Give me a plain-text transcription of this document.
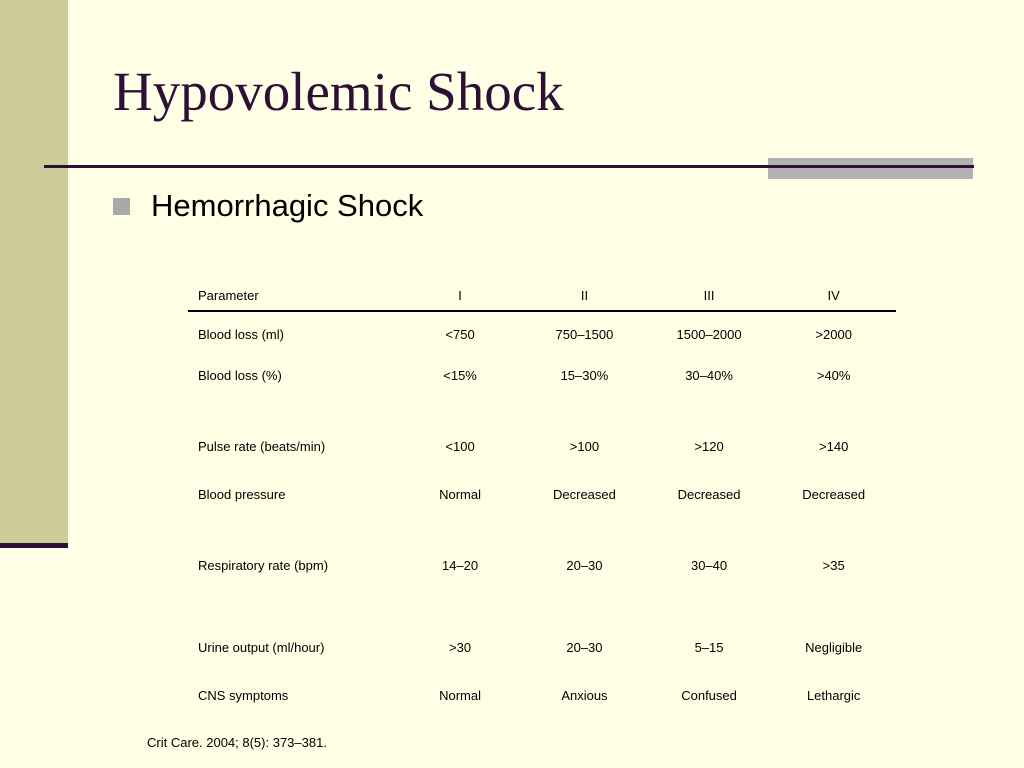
Hypovolemic Shock
Hemorrhagic Shock
Parameter	I	II	III	IV
Blood loss (ml)	<750	750–1500	1500–2000	>2000
Blood loss (%)	<15%	15–30%	30–40%	>40%
Pulse rate (beats/min)	<100	>100	>120	>140
Blood pressure	Normal	Decreased	Decreased	Decreased
Respiratory rate (bpm)	14–20	20–30	30–40	>35
Urine output (ml/hour)	>30	20–30	5–15	Negligible
CNS symptoms	Normal	Anxious	Confused	Lethargic
Crit Care. 2004; 8(5): 373–381.
